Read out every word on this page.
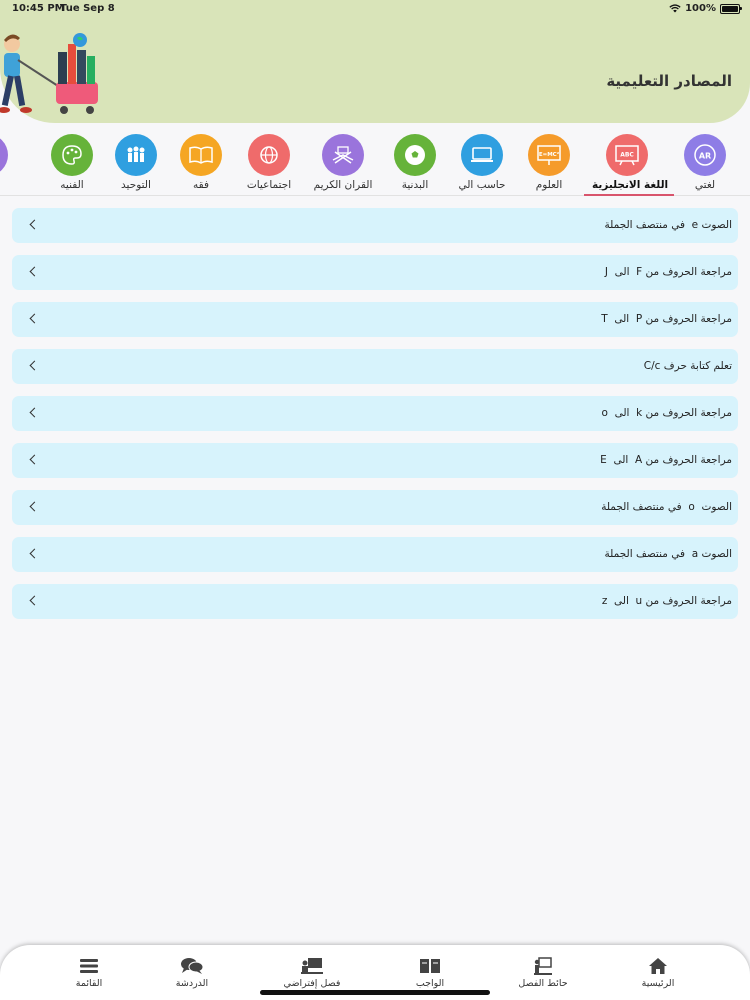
المصادر التعليمية
10:45 PM
Tue Sep 8	100%
AR
لغتي
ABC
اللغة الانجليزية
E=MC²
العلوم
حاسب الي
البدنية
القران الكريم
اجتماعيات
فقه
التوحيد
الفنيه
الصوت e  في منتصف الجملة
مراجعة الحروف من F  الى  J
مراجعة الحروف من P  الى  T
تعلم كتابة حرف C/c
مراجعة الحروف من k  الى  o
مراجعة الحروف من A  الى  E
الصوت  o  في منتصف الجملة
الصوت a  في منتصف الجملة
مراجعة الحروف من u  الى  z
الرئيسية
حائط الفصل
الواجب
فصل إفتراضي
الدردشة
القائمة
